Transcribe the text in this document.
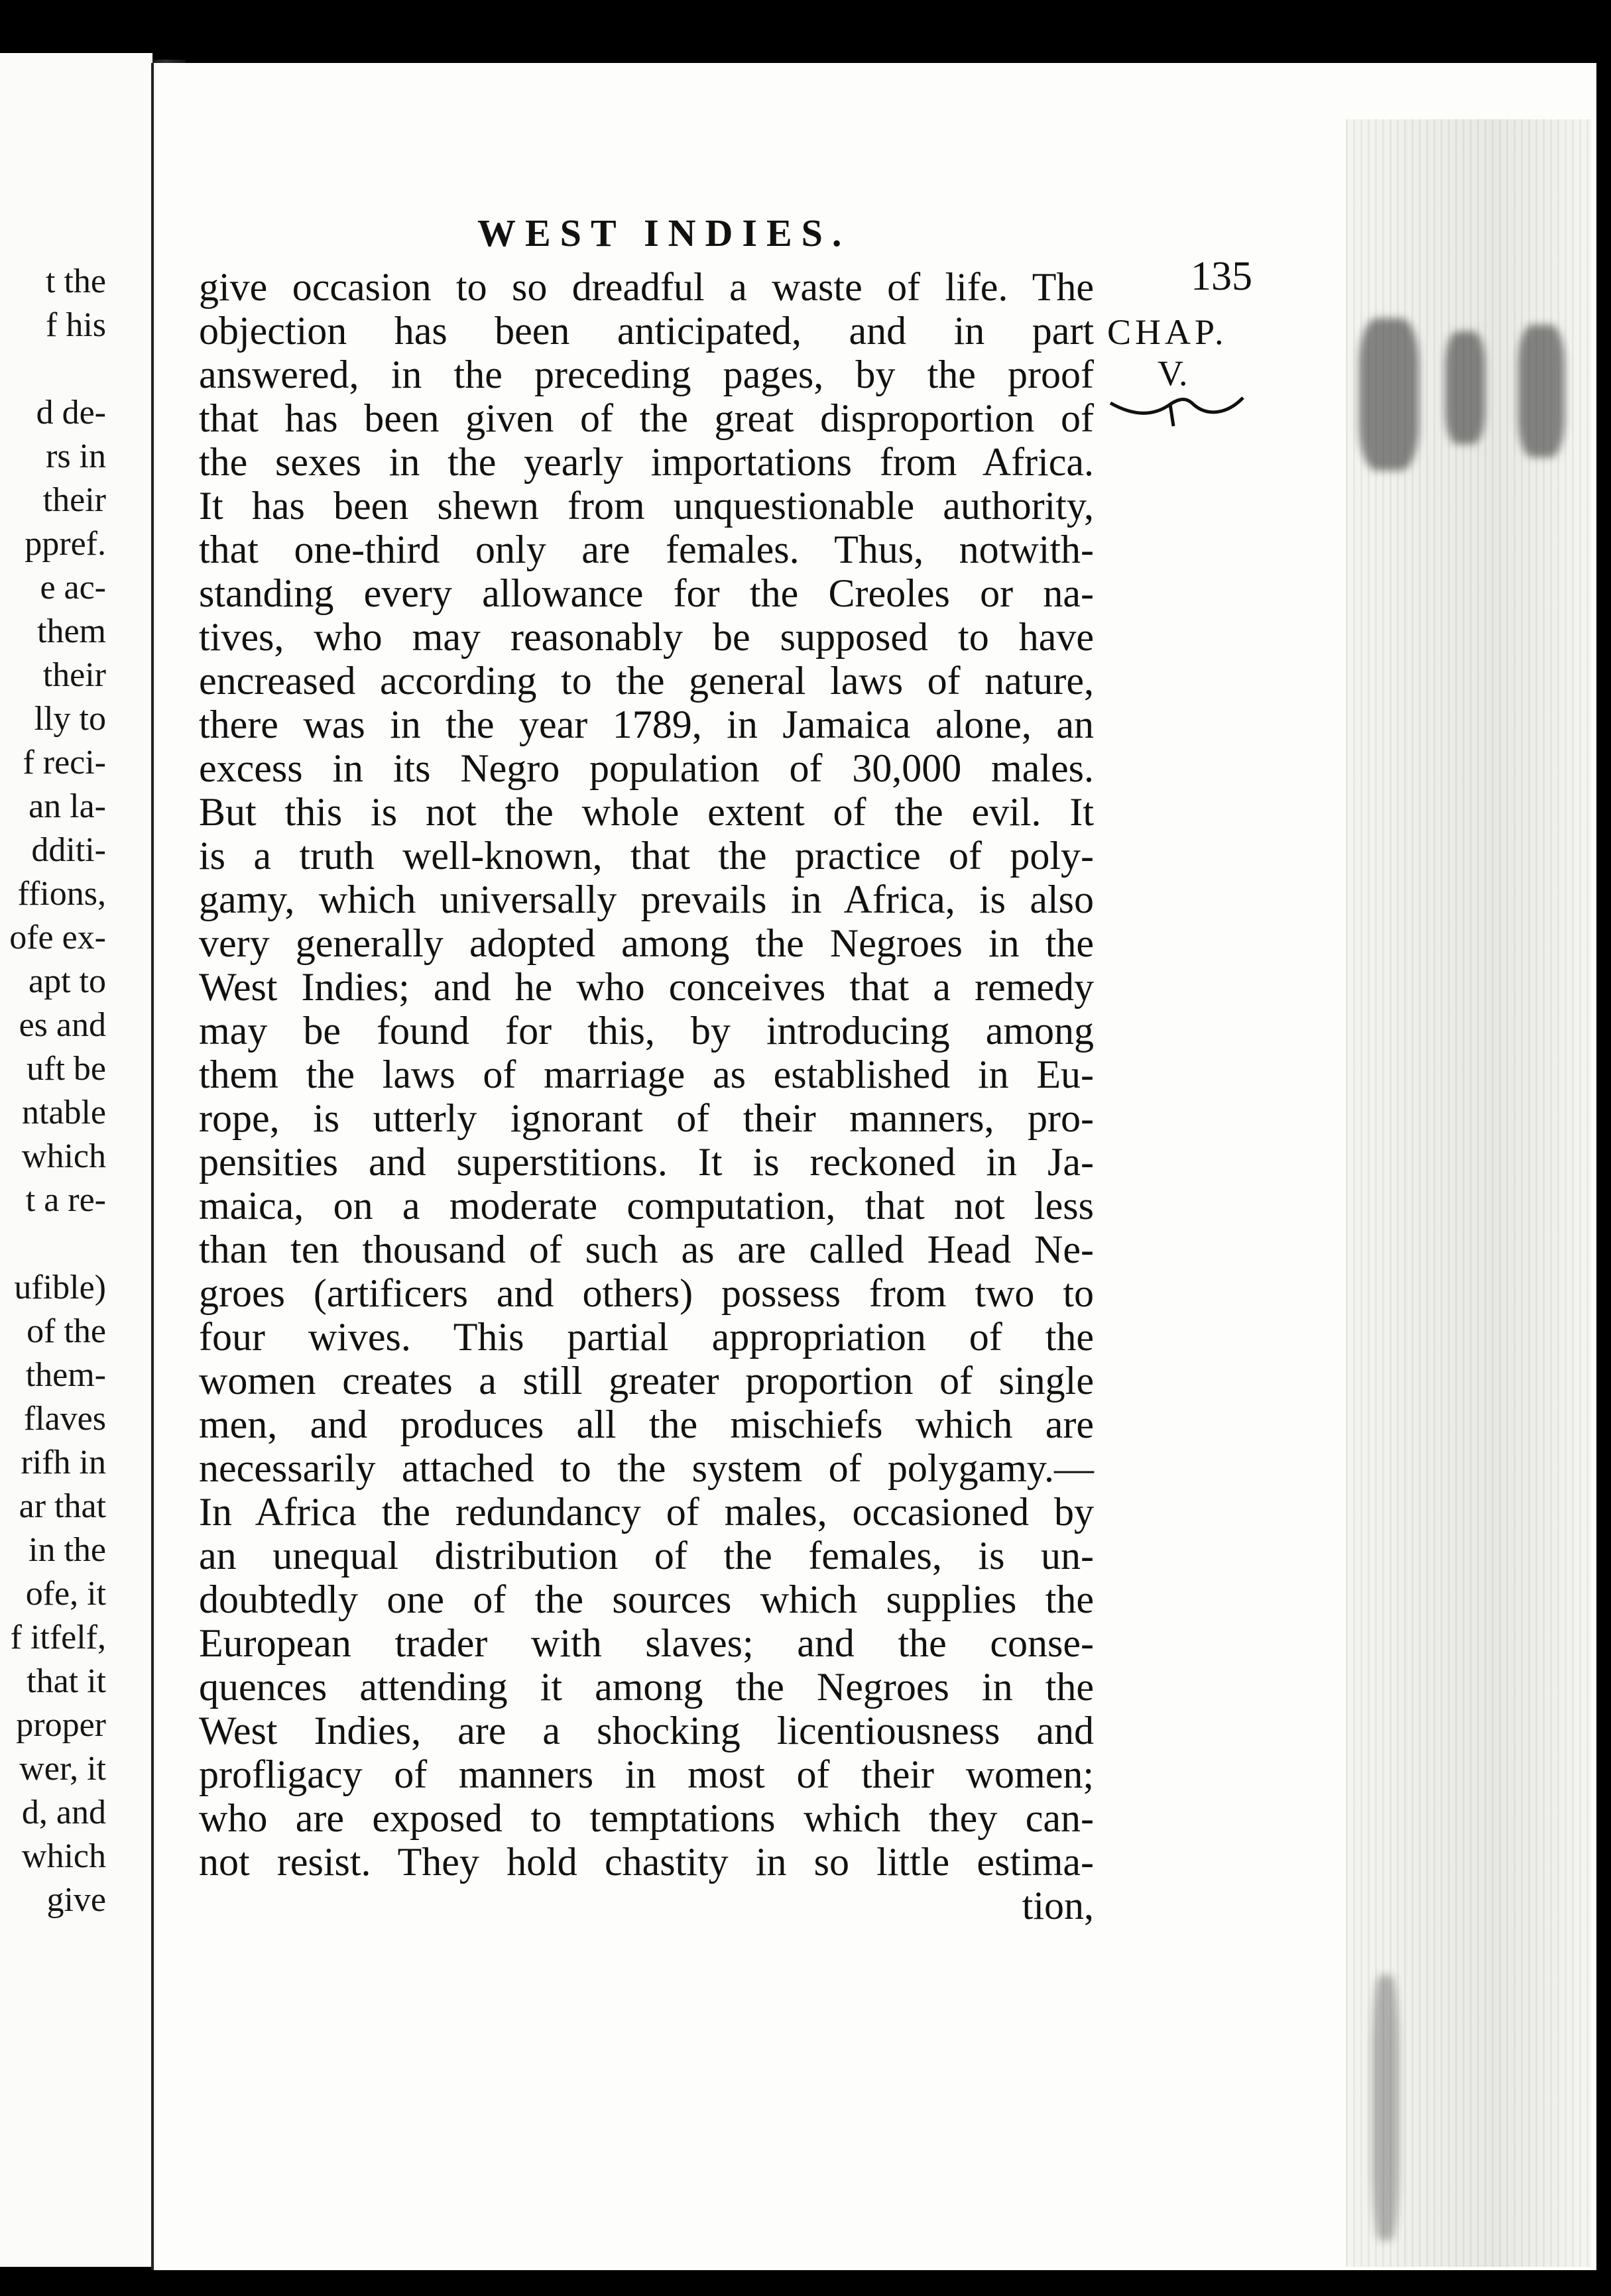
t the
f his
d de-
rs in
their
ppref.
e ac-
them
their
lly to
f reci-
an la-
dditi-
ffions,
ofe ex-
apt to
es and
uft be
ntable
which
t a re-
ufible)
of the
them-
flaves
rifh in
ar that
in the
ofe, it
f itfelf,
that it
proper
wer, it
d, and
which
give
WEST INDIES.
135
CHAP.
V.
give occasion to so dreadful a waste of life. The
objection has been anticipated, and in part
answered, in the preceding pages, by the proof
that has been given of the great disproportion of
the sexes in the yearly importations from Africa.
It has been shewn from unquestionable authority,
that one-third only are females. Thus, notwith-
standing every allowance for the Creoles or na-
tives, who may reasonably be supposed to have
encreased according to the general laws of nature,
there was in the year 1789, in Jamaica alone, an
excess in its Negro population of 30,000 males.
But this is not the whole extent of the evil. It
is a truth well-known, that the practice of poly-
gamy, which universally prevails in Africa, is also
very generally adopted among the Negroes in the
West Indies; and he who conceives that a remedy
may be found for this, by introducing among
them the laws of marriage as established in Eu-
rope, is utterly ignorant of their manners, pro-
pensities and superstitions. It is reckoned in Ja-
maica, on a moderate computation, that not less
than ten thousand of such as are called Head Ne-
groes (artificers and others) possess from two to
four wives. This partial appropriation of the
women creates a still greater proportion of single
men, and produces all the mischiefs which are
necessarily attached to the system of polygamy.—
In Africa the redundancy of males, occasioned by
an unequal distribution of the females, is un-
doubtedly one of the sources which supplies the
European trader with slaves; and the conse-
quences attending it among the Negroes in the
West Indies, are a shocking licentiousness and
profligacy of manners in most of their women;
who are exposed to temptations which they can-
not resist. They hold chastity in so little estima-
tion,
